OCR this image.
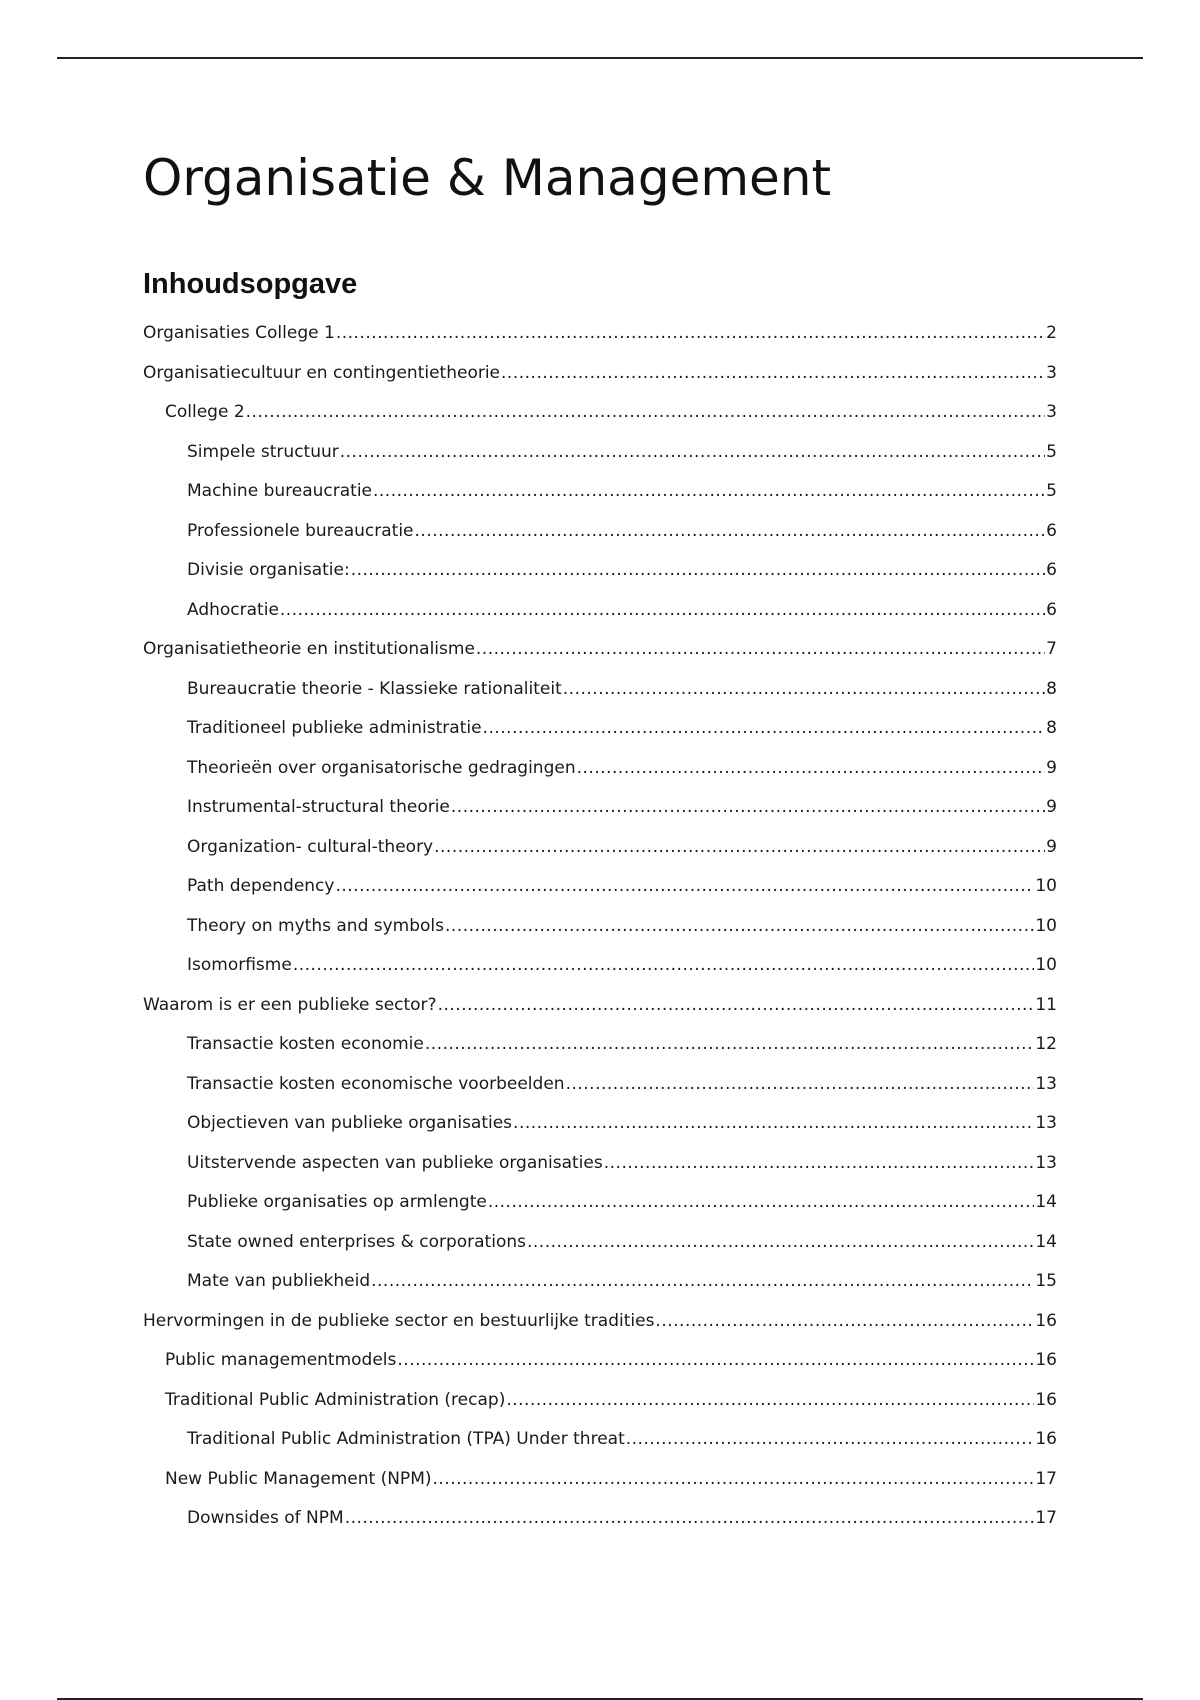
Organisatie & Management
Inhoudsopgave
Organisaties College 1 .....	2
Organisatiecultuur en contingentietheorie .....	3
College 2 .....	3
Simpele structuur .....	5
Machine bureaucratie .....	5
Professionele bureaucratie .....	6
Divisie organisatie: .....	6
Adhocratie .....	6
Organisatietheorie en institutionalisme .....	7
Bureaucratie theorie - Klassieke rationaliteit .....	8
Traditioneel publieke administratie .....	8
Theorieën over organisatorische gedragingen .....	9
Instrumental-structural theorie .....	9
Organization- cultural-theory .....	9
Path dependency .....	10
Theory on myths and symbols .....	10
Isomorfisme .....	10
Waarom is er een publieke sector? .....	11
Transactie kosten economie .....	12
Transactie kosten economische voorbeelden .....	13
Objectieven van publieke organisaties .....	13
Uitstervende aspecten van publieke organisaties .....	13
Publieke organisaties op armlengte .....	14
State owned enterprises & corporations .....	14
Mate van publiekheid .....	15
Hervormingen in de publieke sector en bestuurlijke tradities .....	16
Public managementmodels .....	16
Traditional Public Administration (recap) .....	16
Traditional Public Administration (TPA) Under threat .....	16
New Public Management (NPM) .....	17
Downsides of NPM .....	17
